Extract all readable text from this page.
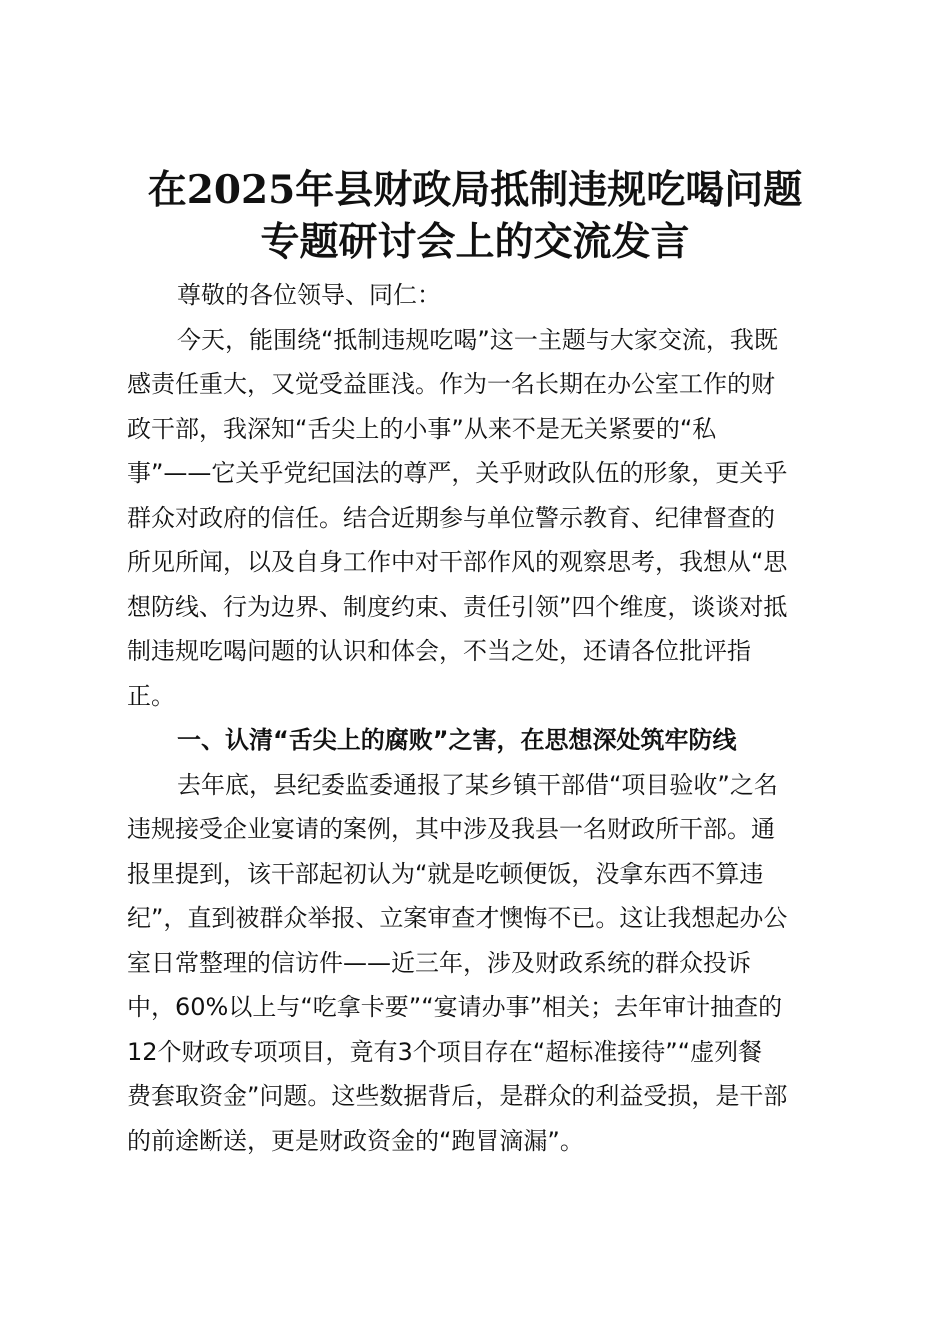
在2025年县财政局抵制违规吃喝问题
专题研讨会上的交流发言
尊敬的各位领导、同仁：
今天，能围绕“抵制违规吃喝”这一主题与大家交流，我既
感责任重大，又觉受益匪浅。作为一名长期在办公室工作的财
政干部，我深知“舌尖上的小事”从来不是无关紧要的“私
事”——它关乎党纪国法的尊严，关乎财政队伍的形象，更关乎
群众对政府的信任。结合近期参与单位警示教育、纪律督查的
所见所闻，以及自身工作中对干部作风的观察思考，我想从“思
想防线、行为边界、制度约束、责任引领”四个维度，谈谈对抵
制违规吃喝问题的认识和体会，不当之处，还请各位批评指
正。
一、认清“舌尖上的腐败”之害，在思想深处筑牢防线
去年底，县纪委监委通报了某乡镇干部借“项目验收”之名
违规接受企业宴请的案例，其中涉及我县一名财政所干部。通
报里提到，该干部起初认为“就是吃顿便饭，没拿东西不算违
纪”，直到被群众举报、立案审查才懊悔不已。这让我想起办公
室日常整理的信访件——近三年，涉及财政系统的群众投诉
中，60%以上与“吃拿卡要”“宴请办事”相关；去年审计抽查的
12个财政专项项目，竟有3个项目存在“超标准接待”“虚列餐
费套取资金”问题。这些数据背后，是群众的利益受损，是干部
的前途断送，更是财政资金的“跑冒滴漏”。
